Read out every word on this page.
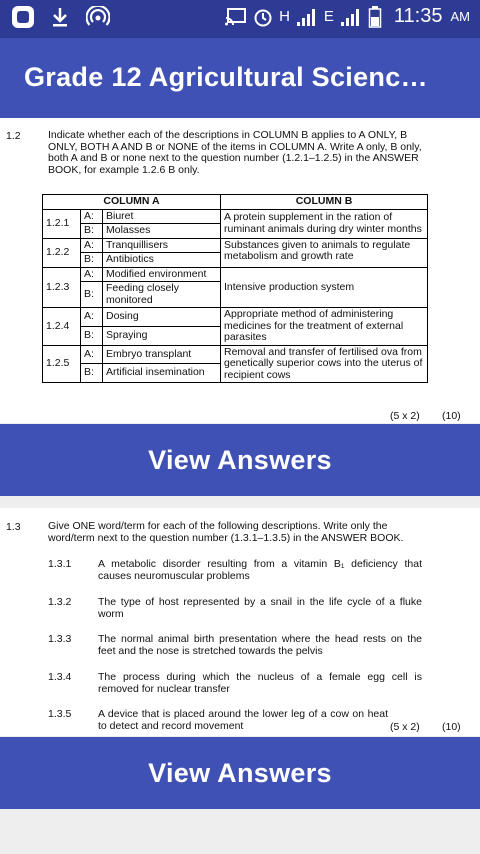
H E	11:35 AM
Grade 12 Agricultural Scienc…
1.2	Indicate whether each of the descriptions in COLUMN B applies to A ONLY, B ONLY, BOTH A AND B or NONE of the items in COLUMN A. Write A only, B only, both A and B or none next to the question number (1.2.1–1.2.5) in the ANSWER BOOK, for example 1.2.6 B only.
COLUMN A			COLUMN B
1.2.1	A:	Biuret	A protein supplement in the ration of ruminant animals during dry winter months
	B:	Molasses	
1.2.2	A:	Tranquillisers	Substances given to animals to regulate metabolism and growth rate
	B:	Antibiotics	
1.2.3	A:	Modified environment	Intensive production system
	B:	Feeding closely monitored	
1.2.4	A:	Dosing	Appropriate method of administering medicines for the treatment of external parasites
	B:	Spraying	
1.2.5	A:	Embryo transplant	Removal and transfer of fertilised ova from genetically superior cows into the uterus of recipient cows
	B:	Artificial insemination	
(5 x 2) (10)
View Answers
1.3	Give ONE word/term for each of the following descriptions. Write only the word/term next to the question number (1.3.1–1.3.5) in the ANSWER BOOK.
1.3.1	A metabolic disorder resulting from a vitamin B₁ deficiency that causes neuromuscular problems
1.3.2	The type of host represented by a snail in the life cycle of a fluke worm
1.3.3	The normal animal birth presentation where the head rests on the feet and the nose is stretched towards the pelvis
1.3.4	The process during which the nucleus of a female egg cell is removed for nuclear transfer
1.3.5	A device that is placed around the lower leg of a cow on heat to detect and record movement	(5 x 2) (10)
View Answers
